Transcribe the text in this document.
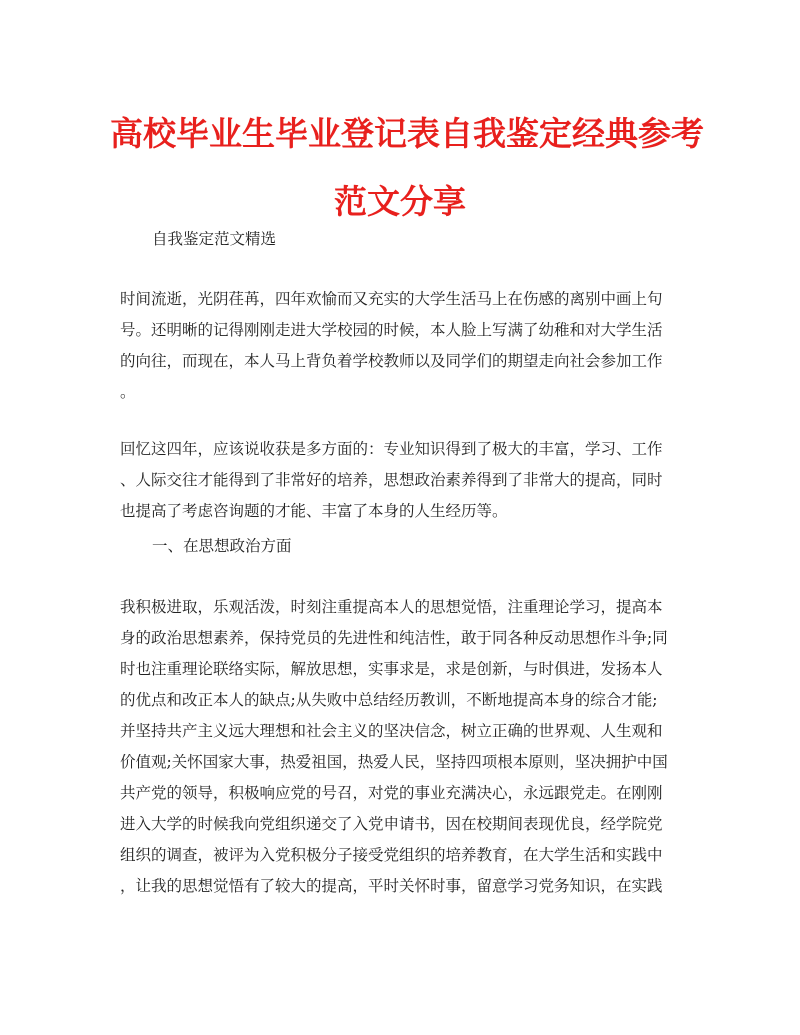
高校毕业生毕业登记表自我鉴定经典参考
范文分享
自我鉴定范文精选
时间流逝，光阴荏苒，四年欢愉而又充实的大学生活马上在伤感的离别中画上句
号。还明晰的记得刚刚走进大学校园的时候，本人脸上写满了幼稚和对大学生活
的向往，而现在，本人马上背负着学校教师以及同学们的期望走向社会参加工作
。
回忆这四年，应该说收获是多方面的：专业知识得到了极大的丰富，学习、工作
、人际交往才能得到了非常好的培养，思想政治素养得到了非常大的提高，同时
也提高了考虑咨询题的才能、丰富了本身的人生经历等。
一、在思想政治方面
我积极进取，乐观活泼，时刻注重提高本人的思想觉悟，注重理论学习，提高本
身的政治思想素养，保持党员的先进性和纯洁性，敢于同各种反动思想作斗争;同
时也注重理论联络实际，解放思想，实事求是，求是创新，与时俱进，发扬本人
的优点和改正本人的缺点;从失败中总结经历教训，不断地提高本身的综合才能;
并坚持共产主义远大理想和社会主义的坚决信念，树立正确的世界观、人生观和
价值观;关怀国家大事，热爱祖国，热爱人民，坚持四项根本原则，坚决拥护中国
共产党的领导，积极响应党的号召，对党的事业充满决心，永远跟党走。在刚刚
进入大学的时候我向党组织递交了入党申请书，因在校期间表现优良，经学院党
组织的调查，被评为入党积极分子接受党组织的培养教育，在大学生活和实践中
，让我的思想觉悟有了较大的提高，平时关怀时事，留意学习党务知识，在实践
